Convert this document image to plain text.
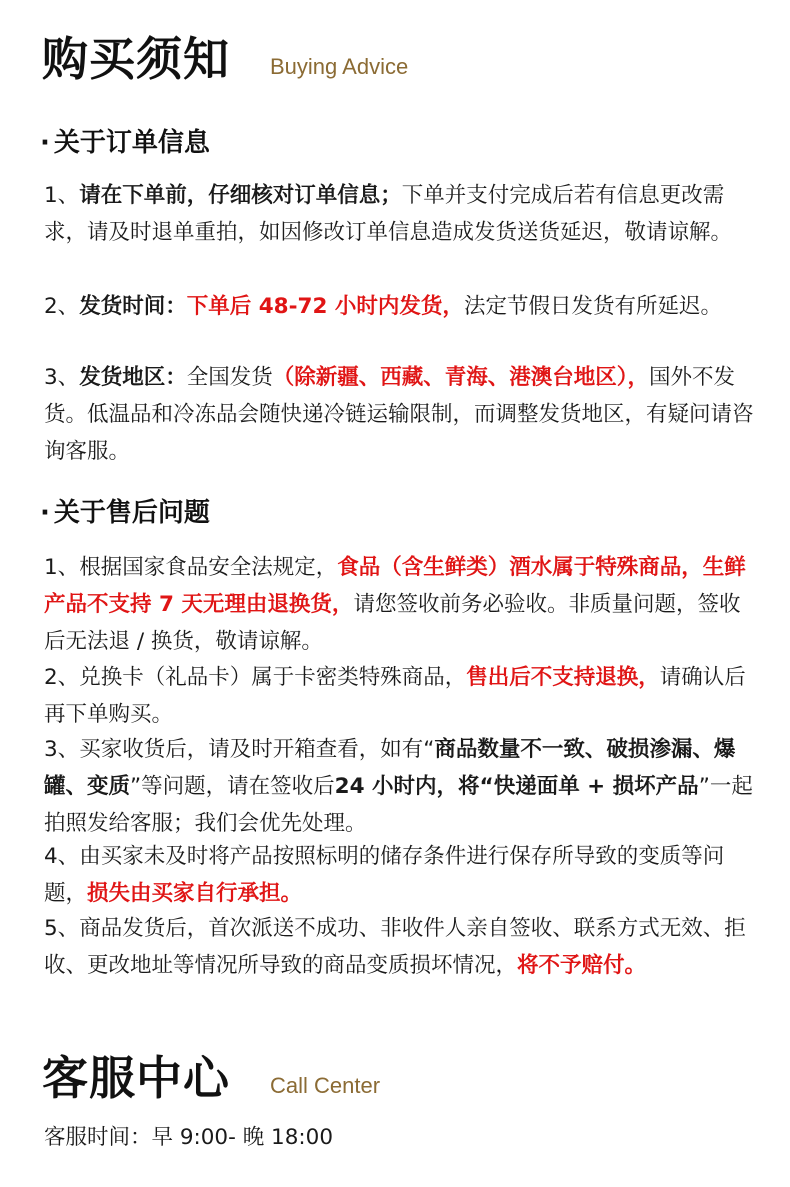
购买须知 Buying Advice
· 关于订单信息
1、请在下单前，仔细核对订单信息；下单并支付完成后若有信息更改需求，请及时退单重拍，如因修改订单信息造成发货送货延迟，敬请谅解。
2、发货时间：下单后 48-72 小时内发货，法定节假日发货有所延迟。
3、发货地区：全国发货（除新疆、西藏、青海、港澳台地区），国外不发货。低温品和冷冻品会随快递冷链运输限制，而调整发货地区，有疑问请咨询客服。
· 关于售后问题
1、根据国家食品安全法规定，食品（含生鲜类）酒水属于特殊商品，生鲜产品不支持 7 天无理由退换货，请您签收前务必验收。非质量问题，签收后无法退 / 换货，敬请谅解。
2、兑换卡（礼品卡）属于卡密类特殊商品，售出后不支持退换，请确认后再下单购买。
3、买家收货后，请及时开箱查看，如有“商品数量不一致、破损渗漏、爆罐、变质”等问题，请在签收后24 小时内，将“快递面单 + 损坏产品”一起拍照发给客服；我们会优先处理。
4、由买家未及时将产品按照标明的储存条件进行保存所导致的变质等问题，损失由买家自行承担。
5、商品发货后，首次派送不成功、非收件人亲自签收、联系方式无效、拒收、更改地址等情况所导致的商品变质损坏情况，将不予赔付。
客服中心 Call Center
客服时间：早 9:00- 晚 18:00
